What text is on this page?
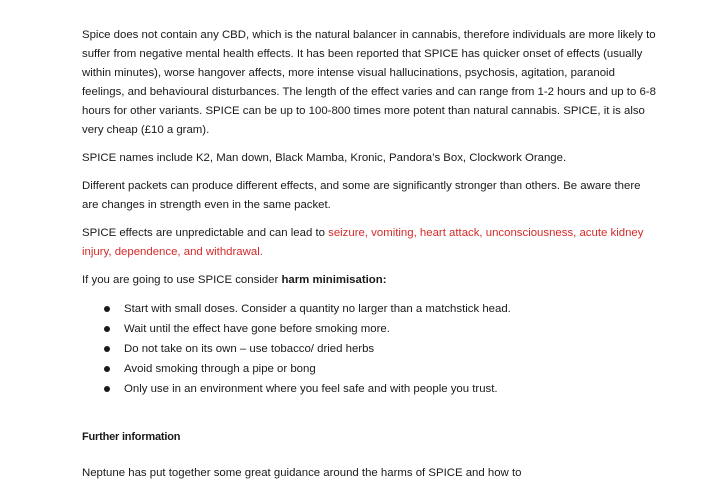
Spice does not contain any CBD, which is the natural balancer in cannabis, therefore individuals are more likely to suffer from negative mental health effects. It has been reported that SPICE has quicker onset of effects (usually within minutes), worse hangover affects, more intense visual hallucinations, psychosis, agitation, paranoid feelings, and behavioural disturbances. The length of the effect varies and can range from 1-2 hours and up to 6-8 hours for other variants. SPICE can be up to 100-800 times more potent than natural cannabis. SPICE, it is also very cheap (£10 a gram).

SPICE names include K2, Man down, Black Mamba, Kronic, Pandora’s Box, Clockwork Orange.

Different packets can produce different effects, and some are significantly stronger than others. Be aware there are changes in strength even in the same packet.

SPICE effects are unpredictable and can lead to seizure, vomiting, heart attack, unconsciousness, acute kidney injury, dependence, and withdrawal.

If you are going to use SPICE consider harm minimisation:

Start with small doses. Consider a quantity no larger than a matchstick head.
Wait until the effect have gone before smoking more.
Do not take on its own – use tobacco/ dried herbs
Avoid smoking through a pipe or bong
Only use in an environment where you feel safe and with people you trust.
Further information

Neptune has put together some great guidance around the harms of SPICE and how to
